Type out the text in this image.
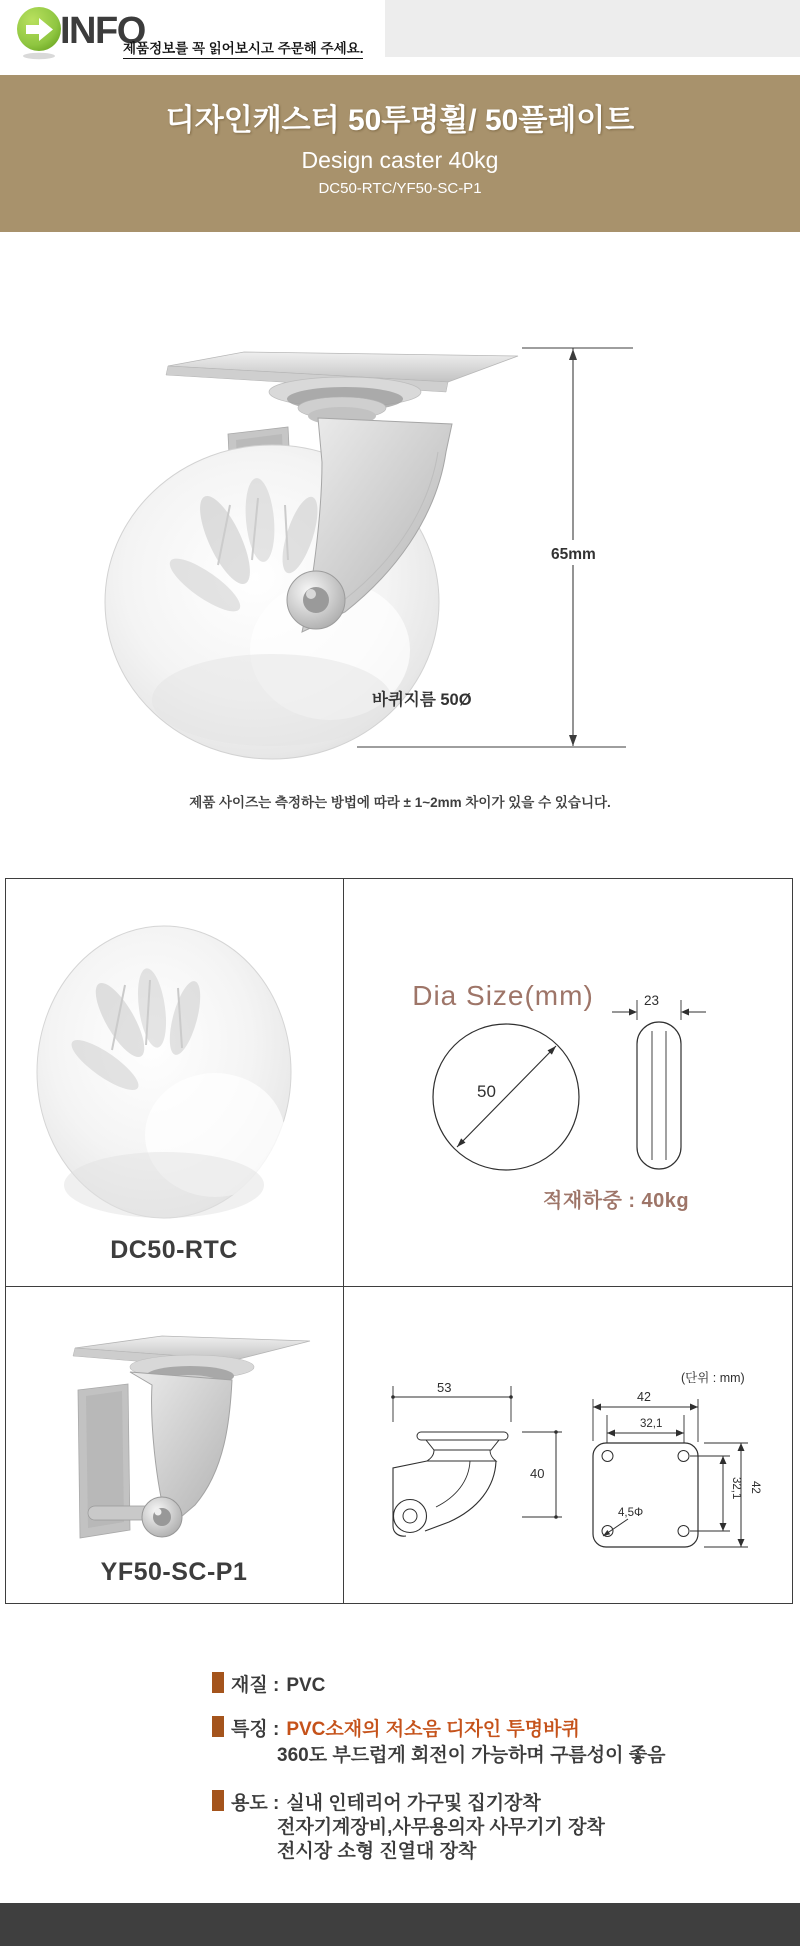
INFO
제품정보를 꼭 읽어보시고 주문해 주세요.
디자인캐스터 50투명휠/ 50플레이트
Design caster 40kg
DC50-RTC/YF50-SC-P1
65mm
바퀴지름 50Ø
제품 사이즈는 측정하는 방법에 따라 ± 1~2mm 차이가 있을 수 있습니다.
DC50-RTC
Dia Size(mm)
50
23
적재하중 : 40kg
YF50-SC-P1
(단위 : mm)
53
40
42
32,1
4,5Φ
32,1 42
재질 : PVC
특징 : PVC소재의 저소음 디자인 투명바퀴
360도 부드럽게 회전이 가능하며 구름성이 좋음
용도 : 실내 인테리어 가구및 집기장착
전자기계장비,사무용의자 사무기기 장착
전시장 소형 진열대 장착
